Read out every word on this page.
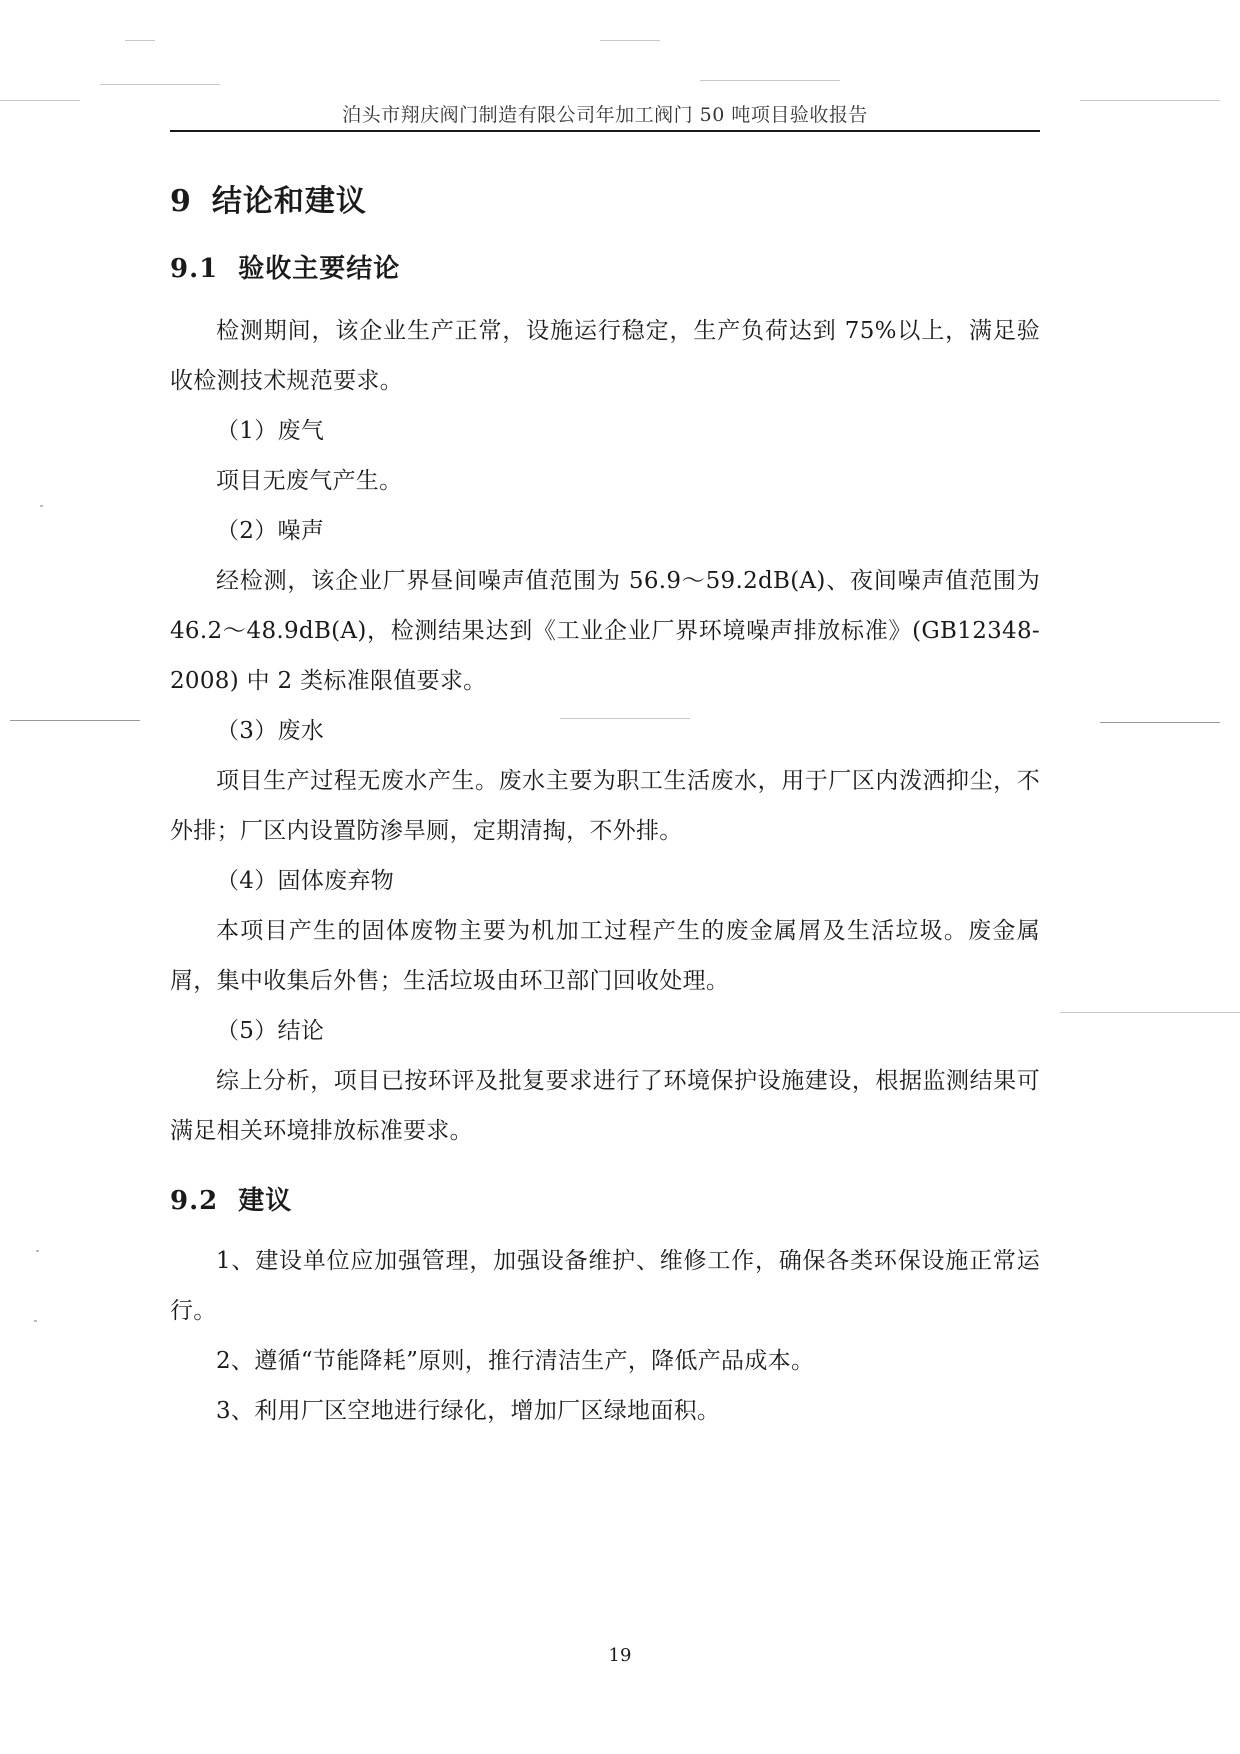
泊头市翔庆阀门制造有限公司年加工阀门 50 吨项目验收报告
9 结论和建议
9.1 验收主要结论
检测期间，该企业生产正常，设施运行稳定，生产负荷达到 75%以上，满足验收检测技术规范要求。
（1）废气
项目无废气产生。
（2）噪声
经检测，该企业厂界昼间噪声值范围为 56.9～59.2dB(A)、夜间噪声值范围为 46.2～48.9dB(A)，检测结果达到《工业企业厂界环境噪声排放标准》(GB12348-2008) 中 2 类标准限值要求。
（3）废水
项目生产过程无废水产生。废水主要为职工生活废水，用于厂区内泼洒抑尘，不外排；厂区内设置防渗旱厕，定期清掏，不外排。
（4）固体废弃物
本项目产生的固体废物主要为机加工过程产生的废金属屑及生活垃圾。废金属屑，集中收集后外售；生活垃圾由环卫部门回收处理。
（5）结论
综上分析，项目已按环评及批复要求进行了环境保护设施建设，根据监测结果可满足相关环境排放标准要求。
9.2 建议
1、建设单位应加强管理，加强设备维护、维修工作，确保各类环保设施正常运行。
2、遵循“节能降耗”原则，推行清洁生产，降低产品成本。
3、利用厂区空地进行绿化，增加厂区绿地面积。
19
